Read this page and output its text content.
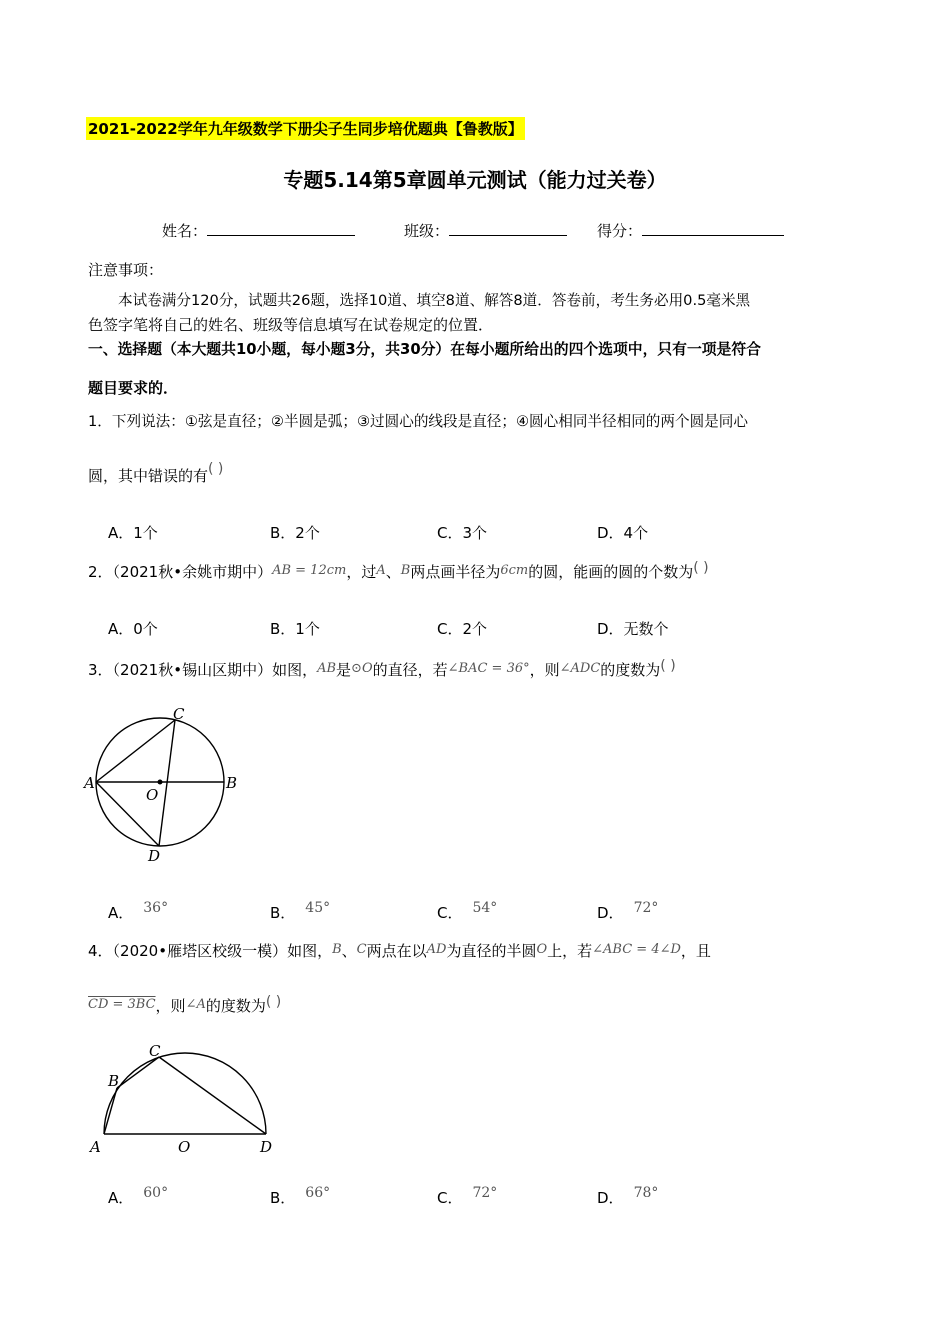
2021-2022学年九年级数学下册尖子生同步培优题典【鲁教版】
专题5.14第5章圆单元测试（能力过关卷）
姓名：	班级：	得分：
注意事项：
本试卷满分120分，试题共26题，选择10道、填空8道、解答8道．答卷前，考生务必用0.5毫米黑
色签字笔将自己的姓名、班级等信息填写在试卷规定的位置．
一、选择题（本大题共10小题，每小题3分，共30分）在每小题所给出的四个选项中，只有一项是符合
题目要求的．
1．下列说法：①弦是直径；②半圆是弧；③过圆心的线段是直径；④圆心相同半径相同的两个圆是同心
圆，其中错误的有( )
A．1个	B．2个	C．3个	D．4个
2．（2021秋•余姚市期中）AB = 12cm，过A、B两点画半径为6cm的圆，能画的圆的个数为( )
A．0个	B．1个	C．2个	D．无数个
3．（2021秋•锡山区期中）如图，AB是⊙O的直径，若∠BAC = 36°，则∠ADC的度数为( )
A	B
C
D
O
A． 36°	B． 45°	C． 54°	D． 72°
4．（2020•雁塔区校级一模）如图，B、C两点在以AD为直径的半圆O上，若∠ABC = 4∠D，且
CD = 3BC，则∠A的度数为( )
A
B
C
D
O
A． 60°	B． 66°	C． 72°	D． 78°
